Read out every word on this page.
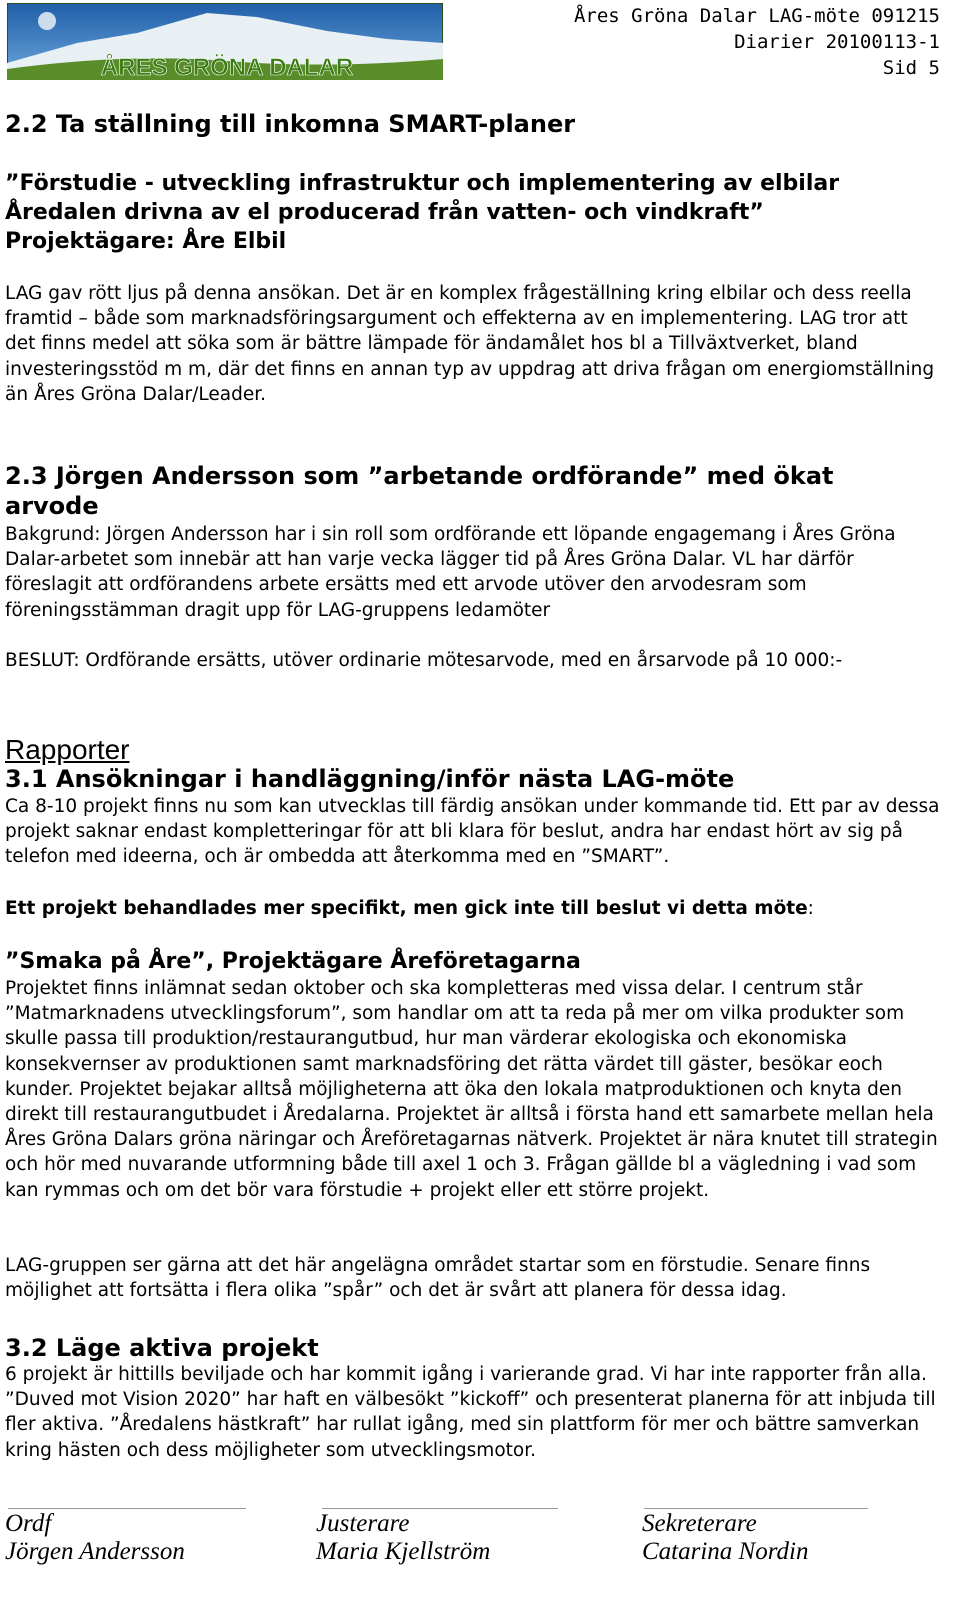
ÅRES GRÖNA DALAR
Åres Gröna Dalar LAG-möte 091215
Diarier 20100113-1
Sid 5
2.2 Ta ställning till inkomna SMART-planer
”Förstudie - utveckling infrastruktur och implementering av elbilar
Åredalen drivna av el producerad från vatten- och vindkraft”
Projektägare: Åre Elbil
LAG gav rött ljus på denna ansökan. Det är en komplex frågeställning kring elbilar och dess reella framtid – både som marknadsföringsargument och effekterna av en implementering. LAG tror att det finns medel att söka som är bättre lämpade för ändamålet hos bl a Tillväxtverket, bland investeringsstöd m m, där det finns en annan typ av uppdrag att driva frågan om energiomställning än Åres Gröna Dalar/Leader.
2.3 Jörgen Andersson som ”arbetande ordförande” med ökat
arvode
Bakgrund: Jörgen Andersson har i sin roll som ordförande ett löpande engagemang i Åres Gröna Dalar-arbetet som innebär att han varje vecka lägger tid på Åres Gröna Dalar. VL har därför föreslagit att ordförandens arbete ersätts med ett arvode utöver den arvodesram som föreningsstämman dragit upp för LAG-gruppens ledamöter
BESLUT: Ordförande ersätts, utöver ordinarie mötesarvode, med en årsarvode på 10 000:-
Rapporter
3.1 Ansökningar i handläggning/inför nästa LAG-möte
Ca 8-10 projekt finns nu som kan utvecklas till färdig ansökan under kommande tid. Ett par av dessa projekt saknar endast kompletteringar för att bli klara för beslut, andra har endast hört av sig på telefon med ideerna, och är ombedda att återkomma med en ”SMART”.
Ett projekt behandlades mer specifikt, men gick inte till beslut vi detta möte:
”Smaka på Åre”, Projektägare Åreföretagarna
Projektet finns inlämnat sedan oktober och ska kompletteras med vissa delar. I centrum står ”Matmarknadens utvecklingsforum”, som handlar om att ta reda på mer om vilka produkter som skulle passa till produktion/restaurangutbud, hur man värderar ekologiska och ekonomiska konsekvernser av produktionen samt marknadsföring det rätta värdet till gäster, besökar eoch kunder. Projektet bejakar alltså möjligheterna att öka den lokala matproduktionen och knyta den direkt till restaurangutbudet i Åredalarna. Projektet är alltså i första hand ett samarbete mellan hela Åres Gröna Dalars gröna näringar och Åreföretagarnas nätverk. Projektet är nära knutet till strategin och hör med nuvarande utformning både till axel 1 och 3. Frågan gällde bl a vägledning i vad som kan rymmas och om det bör vara förstudie + projekt eller ett större projekt.
LAG-gruppen ser gärna att det här angelägna området startar som en förstudie. Senare finns möjlighet att fortsätta i flera olika ”spår” och det är svårt att planera för dessa idag.
3.2 Läge aktiva projekt
6 projekt är hittills beviljade och har kommit igång i varierande grad. Vi har inte rapporter från alla. ”Duved mot Vision 2020” har haft en välbesökt ”kickoff” och presenterat planerna för att inbjuda till fler aktiva. ”Åredalens hästkraft” har rullat igång, med sin plattform för mer och bättre samverkan kring hästen och dess möjligheter som utvecklingsmotor.
Ordf
Jörgen Andersson
Justerare
Maria Kjellström
Sekreterare
Catarina Nordin
